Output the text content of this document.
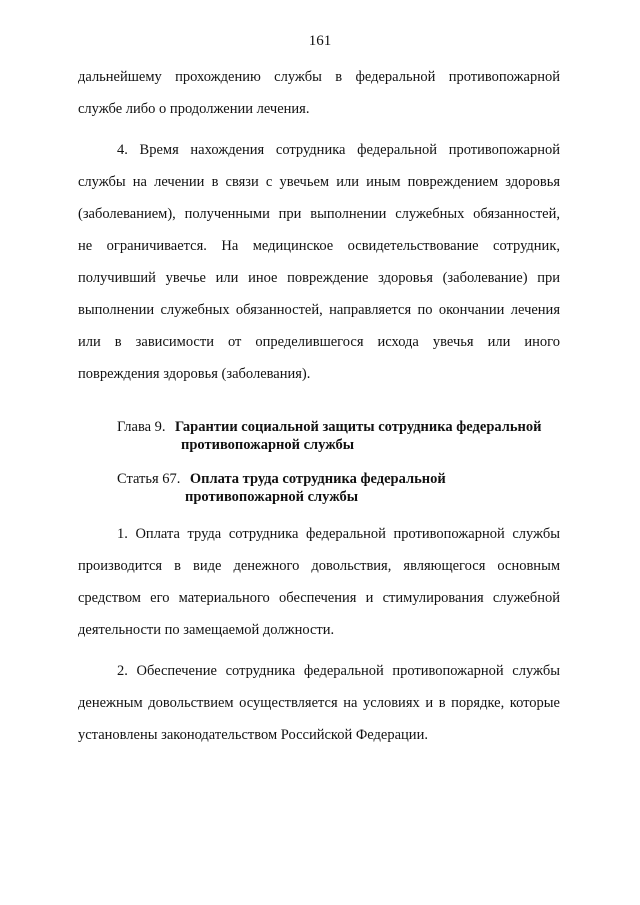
161
дальнейшему прохождению службы в федеральной противопожарной
службе либо о продолжении лечения.
4. Время нахождения сотрудника федеральной противопожарной
службы на лечении в связи с увечьем или иным повреждением здоровья
(заболеванием), полученными при выполнении служебных обязанностей,
не ограничивается. На медицинское освидетельствование сотрудник,
получивший увечье или иное повреждение здоровья (заболевание) при
выполнении служебных обязанностей, направляется по окончании лечения
или в зависимости от определившегося исхода увечья или иного
повреждения здоровья (заболевания).
Глава 9. Гарантии социальной защиты сотрудника федеральной
противопожарной службы
Статья 67. Оплата труда сотрудника федеральной
противопожарной службы
1. Оплата труда сотрудника федеральной противопожарной службы
производится в виде денежного довольствия, являющегося основным
средством его материального обеспечения и стимулирования служебной
деятельности по замещаемой должности.
2. Обеспечение сотрудника федеральной противопожарной службы
денежным довольствием осуществляется на условиях и в порядке, которые
установлены законодательством Российской Федерации.
